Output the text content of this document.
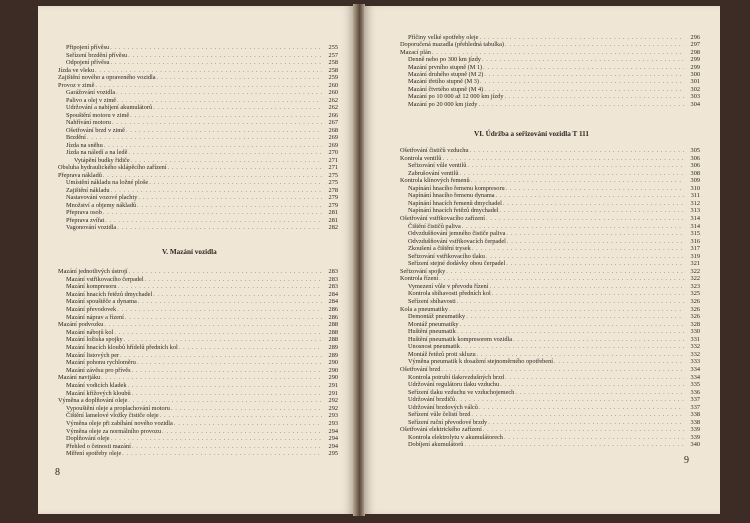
Připojení přívěsu . . .	255
Seřízení brzdění přívěsu . . .	257
Odpojení přívěsu . . .	258
Jízda ve vleku . . .	258
Zajištění nového a opraveného vozidla . . .	259
Provoz v zimě . . .	260
Garážování vozidla . . .	260
Palivo a olej v zimě . . .	262
Udržování a nabíjení akumulátorů . . .	262
Spouštění motoru v zimě . . .	266
Nahřívání motoru . . .	267
Ošetřování brzd v zimě . . .	268
Brzdění . . .	269
Jízda na sněhu . . .	269
Jízda na náledí a na ledě . . .	270
Vytápění budky řidiče . . .	271
Obsluha hydraulického sklápěcího zařízení . . .	271
Přeprava nákladů . . .	275
Umístění nákladu na ložné ploše . . .	275
Zajištění nákladu . . .	278
Nastavování vozové plachty . . .	279
Množství a objemy nákladů . . .	279
Přeprava osob . . .	281
Přeprava zvířat . . .	281
Vagonování vozidla . . .	282
V. Mazání vozidla
Mazání jednotlivých ústrojí . . .	283
Mazání vstřikovacího čerpadel . . .	283
Mazání kompresoru . . .	283
Mazání hnacích řetězů dmychadel . . .	284
Mazání spouštěče a dynama . . .	284
Mazání převodovek . . .	286
Mazání náprav a řízení . . .	286
Mazání podvozku . . .	288
Mazání nábojů kol . . .	288
Mazání ložiska spojky . . .	288
Mazání hnacích kloubů hřídelů předních kol . . .	289
Mazání listových per . . .	289
Mazání pohonu rychloměru . . .	290
Mazání závěsu pro přívěs . . .	290
Mazání navijáku . . .	290
Mazání vodicích kladek . . .	291
Mazání křížových kloubů . . .	291
Výměna a doplňování oleje . . .	292
Vypouštění oleje a proplachování motoru . . .	292
Čištění lamelové vložky čističe oleje . . .	293
Výměna oleje při zabíhání nového vozidla . . .	293
Výměna oleje za normálního provozu . . .	294
Doplňování oleje . . .	294
Přehled o četnosti mazání . . .	294
Měření spotřeby oleje . . .	295
8
Příčiny velké spotřeby oleje . . .	296
Doporučená mazadla (přehledná tabulka) . . .	297
Mazací plán . . .	298
Denně nebo po 300 km jízdy . . .	299
Mazání prvního stupně (M 1) . . .	299
Mazání druhého stupně (M 2) . . .	300
Mazání třetího stupně (M 3) . . .	301
Mazání čtvrtého stupně (M 4) . . .	302
Mazání po 10 000 až 12 000 km jízdy . . .	303
Mazání po 20 000 km jízdy . . .	304
VI. Údržba a seřizování vozidla T 111
Ošetřování čističů vzduchu . . .	305
Kontrola ventilů . . .	306
Seřizování vůle ventilů . . .	306
Zabrušování ventilů . . .	308
Kontrola klínových řemenů . . .	309
Napínání hnacího řemenu kompresoru . . .	310
Napínání hnacího řemenu dynama . . .	311
Napínání hnacích řemenů dmychadel . . .	312
Napínání hnacích řetězů dmychadel . . .	313
Ošetřování vstřikovacího zařízení . . .	314
Čištění čističů paliva . . .	314
Odvzdušňování jemného čističe paliva . . .	315
Odvzdušňování vstřikovacích čerpadel . . .	316
Zkoušení a čištění trysek . . .	317
Seřizování vstřikovacího tlaku . . .	319
Seřízení stejné dodávky obou čerpadel . . .	321
Seřizování spojky . . .	322
Kontrola řízení . . .	322
Vymezení vůle v převodu řízení . . .	323
Kontrola sbíhavosti předních kol . . .	325
Seřízení sbíhavosti . . .	326
Kola a pneumatiky . . .	326
Demontáž pneumatiky . . .	326
Montáž pneumatiky . . .	328
Huštění pneumatik . . .	330
Huštění pneumatik kompresorem vozidla . . .	331
Unosnost pneumatik . . .	332
Montáž řetězů proti skluzu . . .	332
Výměna pneumatik k dosažení stejnoměrného opotřebení . . .	333
Ošetřování brzd . . .	334
Kontrola potrubí tlakovzdušných brzd . . .	334
Udržování regulátoru tlaku vzduchu . . .	335
Seřízení tlaku vzduchu ve vzduchojemech . . .	336
Udržování brzdičů . . .	337
Udržování brzdových válců . . .	337
Seřízení vůle čelistí brzd . . .	338
Seřízení ruční převodové brzdy . . .	338
Ošetřování elektrického zařízení . . .	339
Kontrola elektrolytu v akumulátorech . . .	339
Dobíjení akumulátorů . . .	340
9
